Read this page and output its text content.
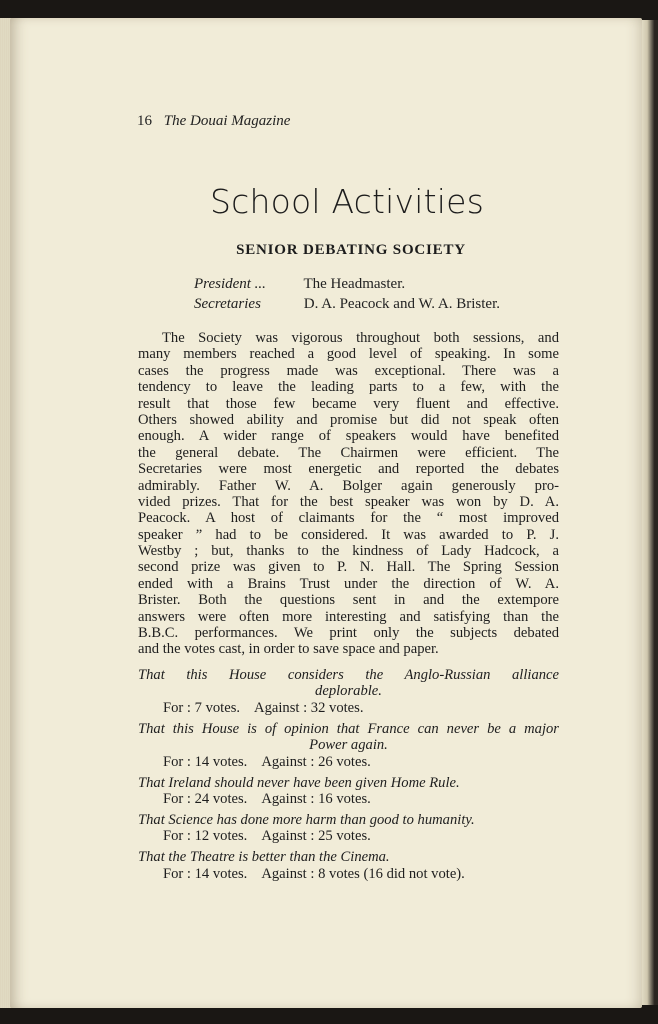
16 The Douai Magazine
School Activities
SENIOR DEBATING SOCIETY
President ...	The Headmaster.
Secretaries	D. A. Peacock and W. A. Brister.
The Society was vigorous throughout both sessions, and
many members reached a good level of speaking. In some
cases the progress made was exceptional. There was a
tendency to leave the leading parts to a few, with the
result that those few became very fluent and effective.
Others showed ability and promise but did not speak often
enough. A wider range of speakers would have benefited
the general debate. The Chairmen were efficient. The
Secretaries were most energetic and reported the debates
admirably. Father W. A. Bolger again generously pro-
vided prizes. That for the best speaker was won by D. A.
Peacock. A host of claimants for the “ most improved
speaker ” had to be considered. It was awarded to P. J.
Westby ; but, thanks to the kindness of Lady Hadcock, a
second prize was given to P. N. Hall. The Spring Session
ended with a Brains Trust under the direction of W. A.
Brister. Both the questions sent in and the extempore
answers were often more interesting and satisfying than the
B.B.C. performances. We print only the subjects debated
and the votes cast, in order to save space and paper.
That this House considers the Anglo-Russian alliance
deplorable.
For : 7 votes. Against : 32 votes.
That this House is of opinion that France can never be a major
Power again.
For : 14 votes. Against : 26 votes.
That Ireland should never have been given Home Rule.
For : 24 votes. Against : 16 votes.
That Science has done more harm than good to humanity.
For : 12 votes. Against : 25 votes.
That the Theatre is better than the Cinema.
For : 14 votes. Against : 8 votes (16 did not vote).
